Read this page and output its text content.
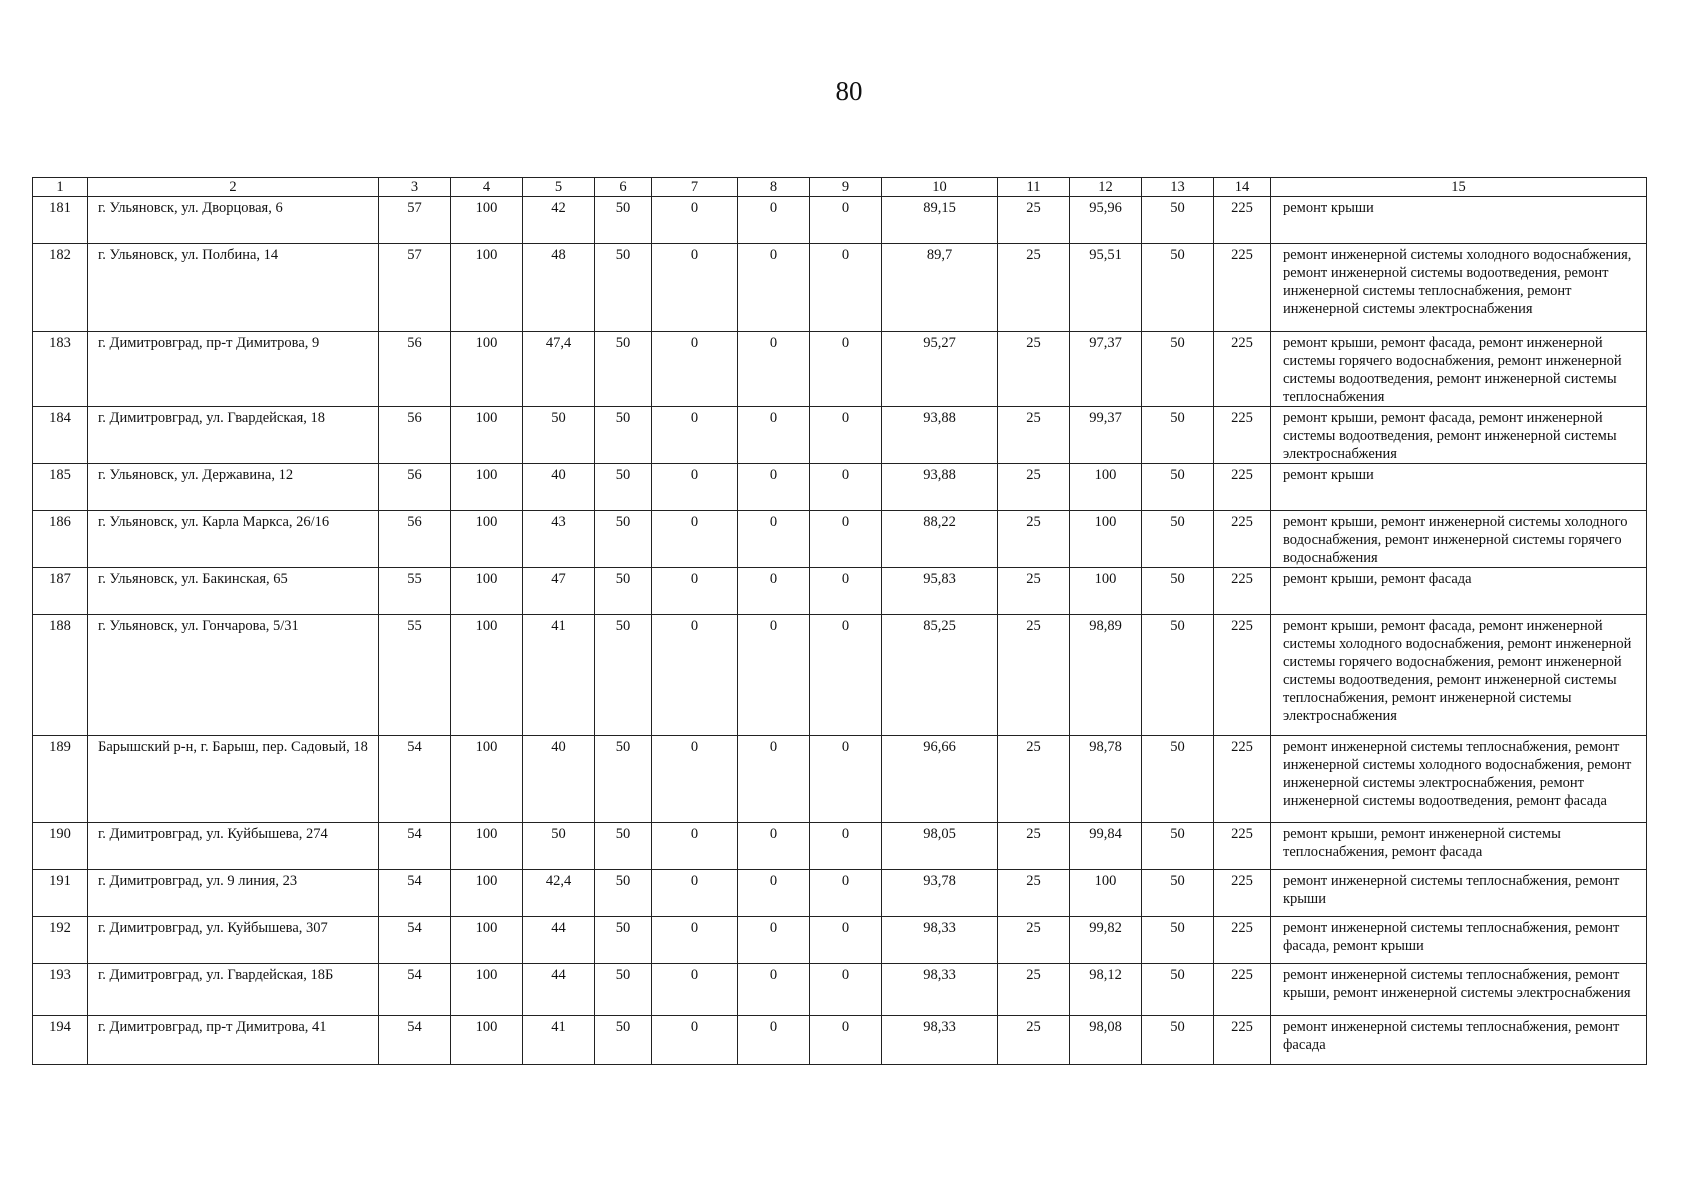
80
1	2	3	4	5	6	7	8	9	10	11	12	13	14	15
181	г. Ульяновск, ул. Дворцовая, 6	57	100	42	50	0	0	0	89,15	25	95,96	50	225	ремонт крыши
182	г. Ульяновск, ул. Полбина, 14	57	100	48	50	0	0	0	89,7	25	95,51	50	225	ремонт инженерной системы холодного водоснабжения, ремонт инженерной системы водоотведения, ремонт инженерной системы теплоснабжения, ремонт инженерной системы электроснабжения
183	г. Димитровград, пр-т Димитрова, 9	56	100	47,4	50	0	0	0	95,27	25	97,37	50	225	ремонт крыши, ремонт фасада, ремонт инженерной системы горячего водоснабжения, ремонт инженерной системы водоотведения, ремонт инженерной системы теплоснабжения
184	г. Димитровград, ул. Гвардейская, 18	56	100	50	50	0	0	0	93,88	25	99,37	50	225	ремонт крыши, ремонт фасада, ремонт инженерной системы водоотведения, ремонт инженерной системы электроснабжения
185	г. Ульяновск, ул. Державина, 12	56	100	40	50	0	0	0	93,88	25	100	50	225	ремонт крыши
186	г. Ульяновск, ул. Карла Маркса, 26/16	56	100	43	50	0	0	0	88,22	25	100	50	225	ремонт крыши, ремонт инженерной системы холодного водоснабжения, ремонт инженерной системы горячего водоснабжения
187	г. Ульяновск, ул. Бакинская, 65	55	100	47	50	0	0	0	95,83	25	100	50	225	ремонт крыши, ремонт фасада
188	г. Ульяновск, ул. Гончарова, 5/31	55	100	41	50	0	0	0	85,25	25	98,89	50	225	ремонт крыши, ремонт фасада, ремонт инженерной системы холодного водоснабжения, ремонт инженерной системы горячего водоснабжения, ремонт инженерной системы водоотведения, ремонт инженерной системы теплоснабжения, ремонт инженерной системы электроснабжения
189	Барышский р-н, г. Барыш, пер. Садовый, 18	54	100	40	50	0	0	0	96,66	25	98,78	50	225	ремонт инженерной системы теплоснабжения, ремонт инженерной системы холодного водоснабжения, ремонт инженерной системы электроснабжения, ремонт инженерной системы водоотведения, ремонт фасада
190	г. Димитровград, ул. Куйбышева, 274	54	100	50	50	0	0	0	98,05	25	99,84	50	225	ремонт крыши, ремонт инженерной системы теплоснабжения, ремонт фасада
191	г. Димитровград, ул. 9 линия, 23	54	100	42,4	50	0	0	0	93,78	25	100	50	225	ремонт инженерной системы теплоснабжения, ремонт крыши
192	г. Димитровград, ул. Куйбышева, 307	54	100	44	50	0	0	0	98,33	25	99,82	50	225	ремонт инженерной системы теплоснабжения, ремонт фасада, ремонт крыши
193	г. Димитровград, ул. Гвардейская, 18Б	54	100	44	50	0	0	0	98,33	25	98,12	50	225	ремонт инженерной системы теплоснабжения, ремонт крыши, ремонт инженерной системы электроснабжения
194	г. Димитровград, пр-т Димитрова, 41	54	100	41	50	0	0	0	98,33	25	98,08	50	225	ремонт инженерной системы теплоснабжения, ремонт фасада
